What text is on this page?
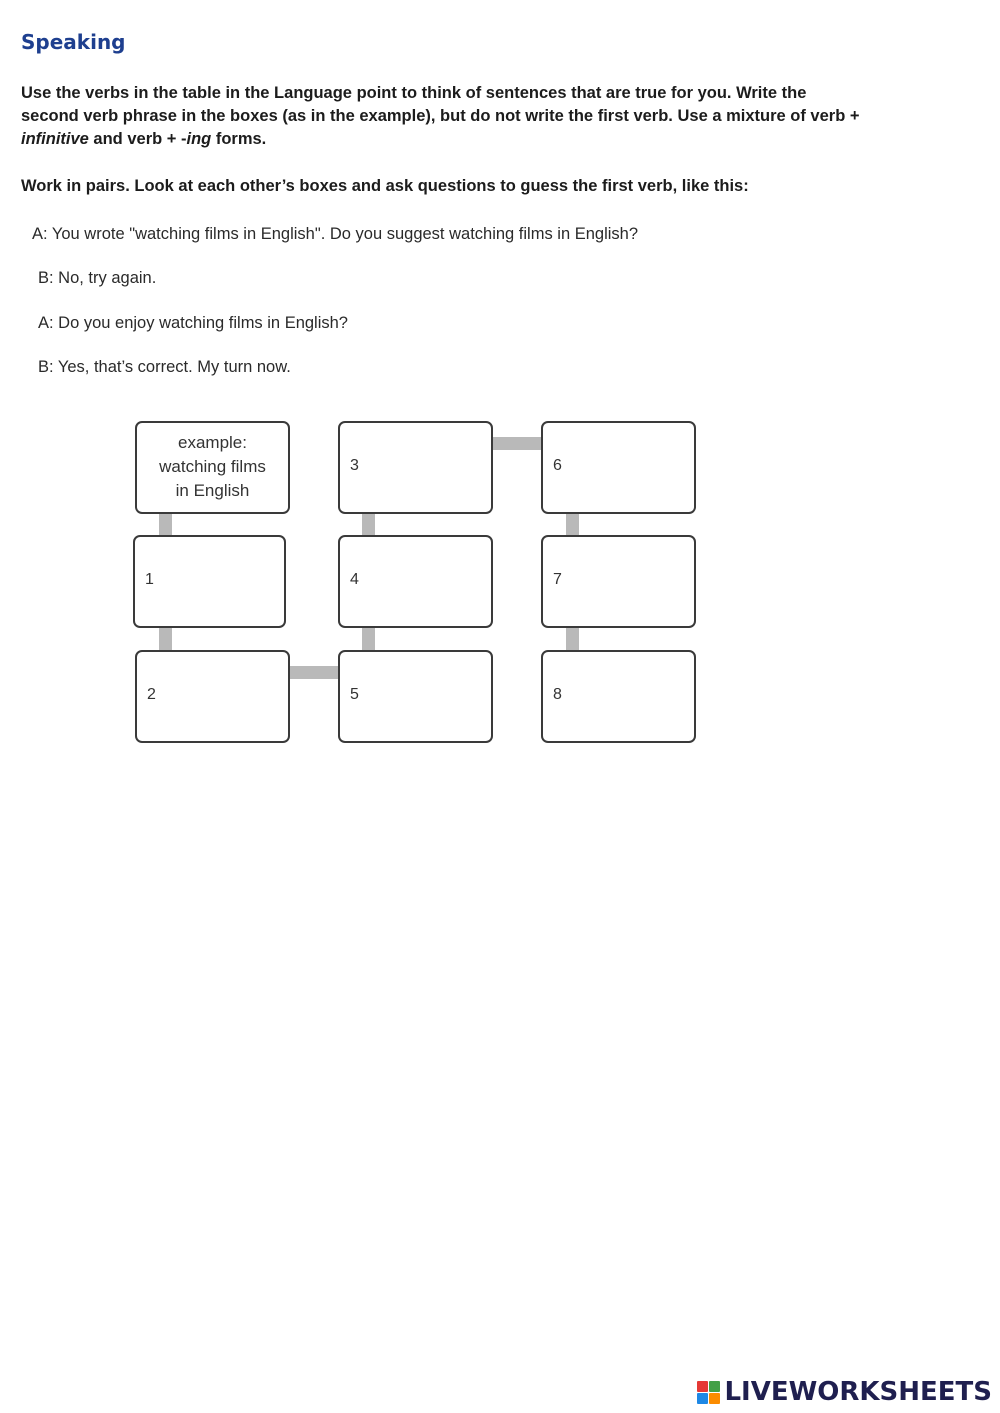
Speaking
Use the verbs in the table in the Language point to think of sentences that are true for you. Write the second verb phrase in the boxes (as in the example), but do not write the first verb. Use a mixture of verb + infinitive and verb + -ing forms.
Work in pairs. Look at each other’s boxes and ask questions to guess the first verb, like this:
A: You wrote "watching films in English". Do you suggest watching films in English?
B: No, try again.
A: Do you enjoy watching films in English?
B: Yes, that’s correct. My turn now.
example:
watching films
in English
1
2
3
4
5
6
7
8
LIVEWORKSHEETS
